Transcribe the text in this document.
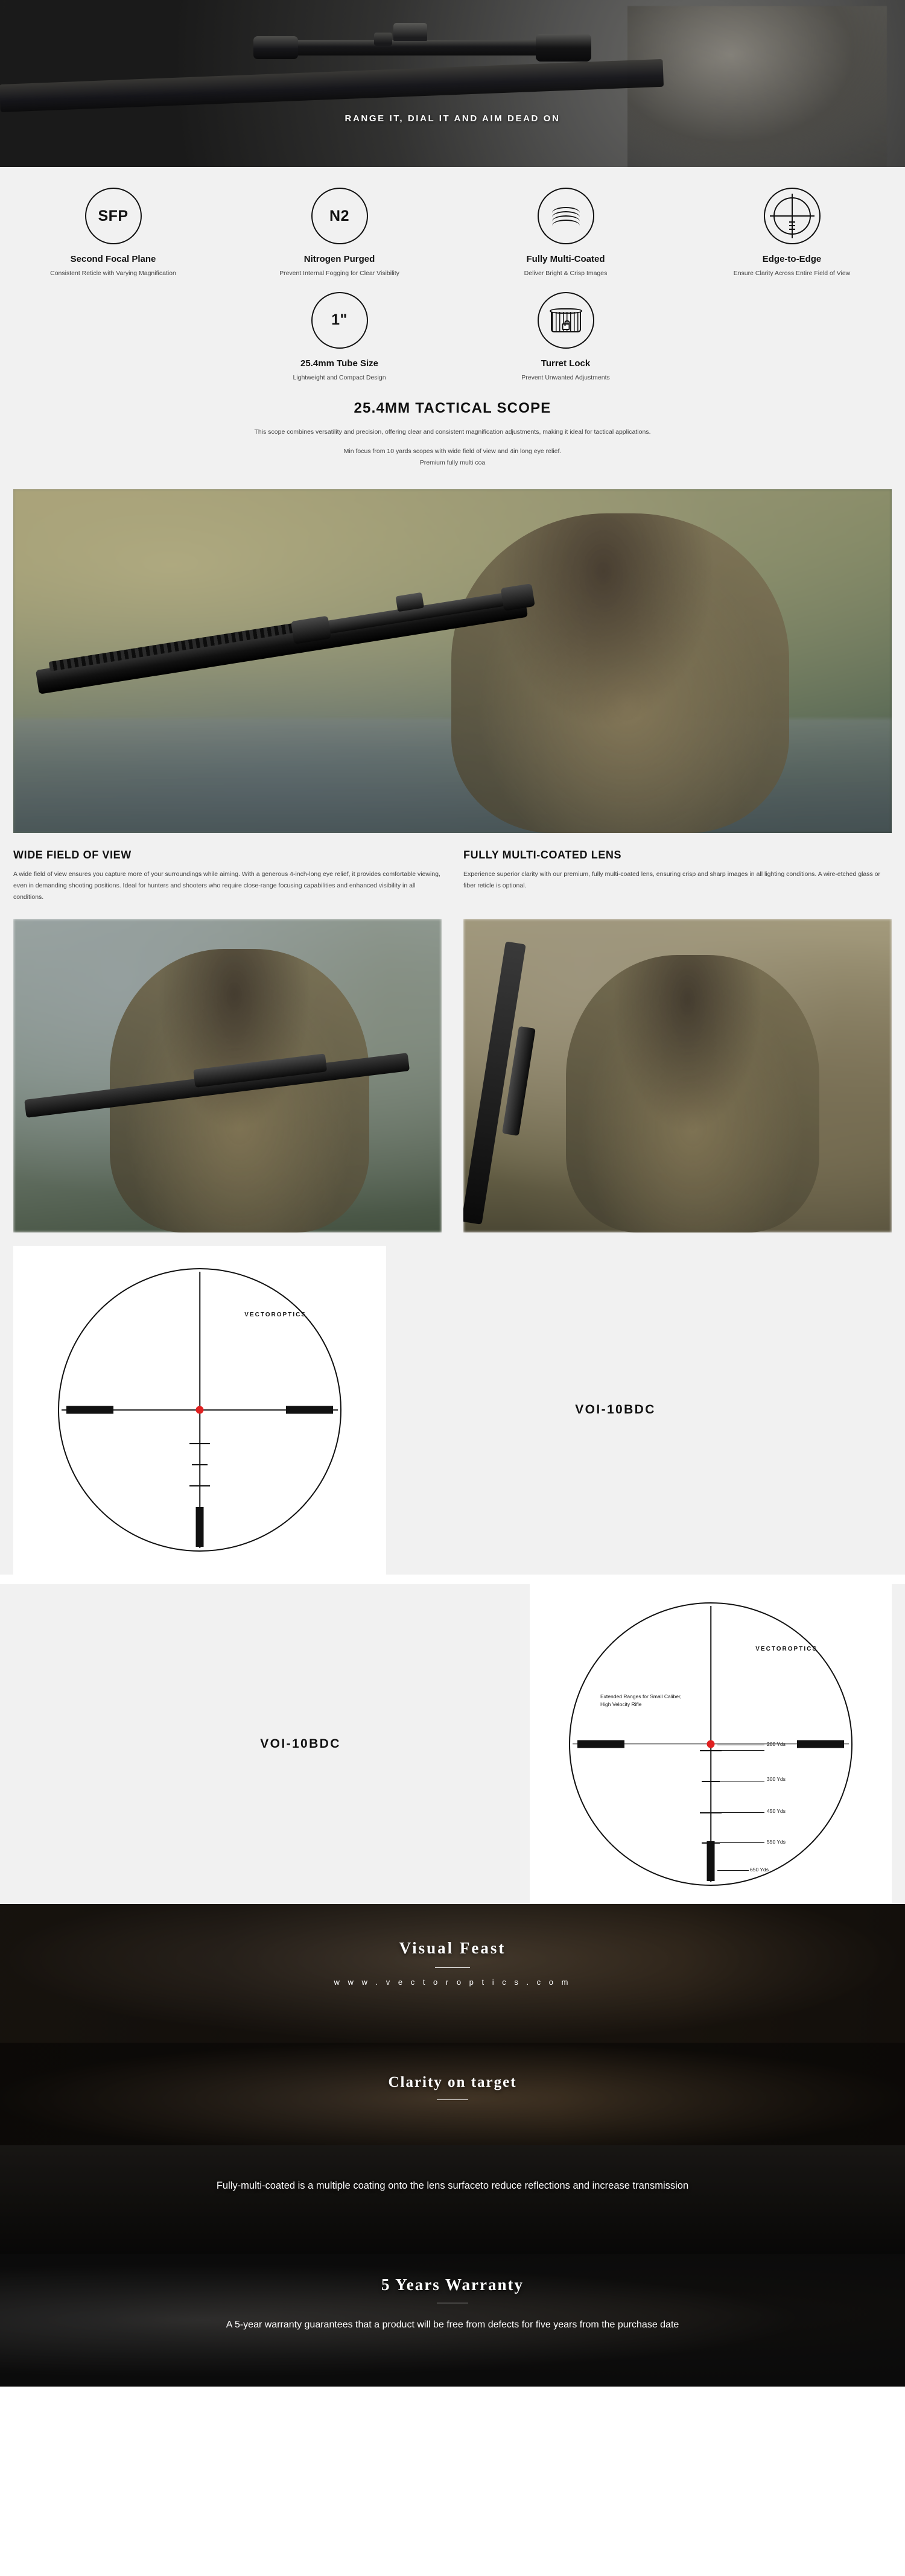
RANGE IT, DIAL IT AND AIM DEAD ON
SFP
Second Focal Plane
Consistent Reticle with Varying Magnification
N2
Nitrogen Purged
Prevent Internal Fogging for Clear Visibility
Fully Multi-Coated
Deliver Bright & Crisp Images
Edge-to-Edge
Ensure Clarity Across Entire Field of View
1"
25.4mm Tube Size
Lightweight and Compact Design
Turret Lock
Prevent Unwanted Adjustments
25.4MM TACTICAL SCOPE

This scope combines versatility and precision, offering clear and consistent magnification adjustments, making it ideal for tactical applications.

Min focus from 10 yards scopes with wide field of view and 4in long eye relief.

Premium fully multi coa

WIDE FIELD OF VIEW

A wide field of view ensures you capture more of your surroundings while aiming. With a generous 4-inch-long eye relief, it provides comfortable viewing, even in demanding shooting positions. Ideal for hunters and shooters who require close-range focusing capabilities and enhanced visibility in all conditions.

FULLY MULTI-COATED LENS

Experience superior clarity with our premium, fully multi-coated lens, ensuring crisp and sharp images in all lighting conditions. A wire-etched glass or fiber reticle is optional.

VECTOROPTICS
VOI-10BDC
VOI-10BDC
VECTOROPTICS
Extended Ranges for Small Caliber, High Velocity Rifle
200 Yds
300 Yds
450 Yds
550 Yds
650 Yds
Visual Feast
w w w . v e c t o r o p t i c s . c o m
Clarity on target
Fully-multi-coated is a multiple coating onto the lens surfaceto reduce reflections and increase transmission
5 Years Warranty
A 5-year warranty guarantees that a product will be free from defects for five years from the purchase date
